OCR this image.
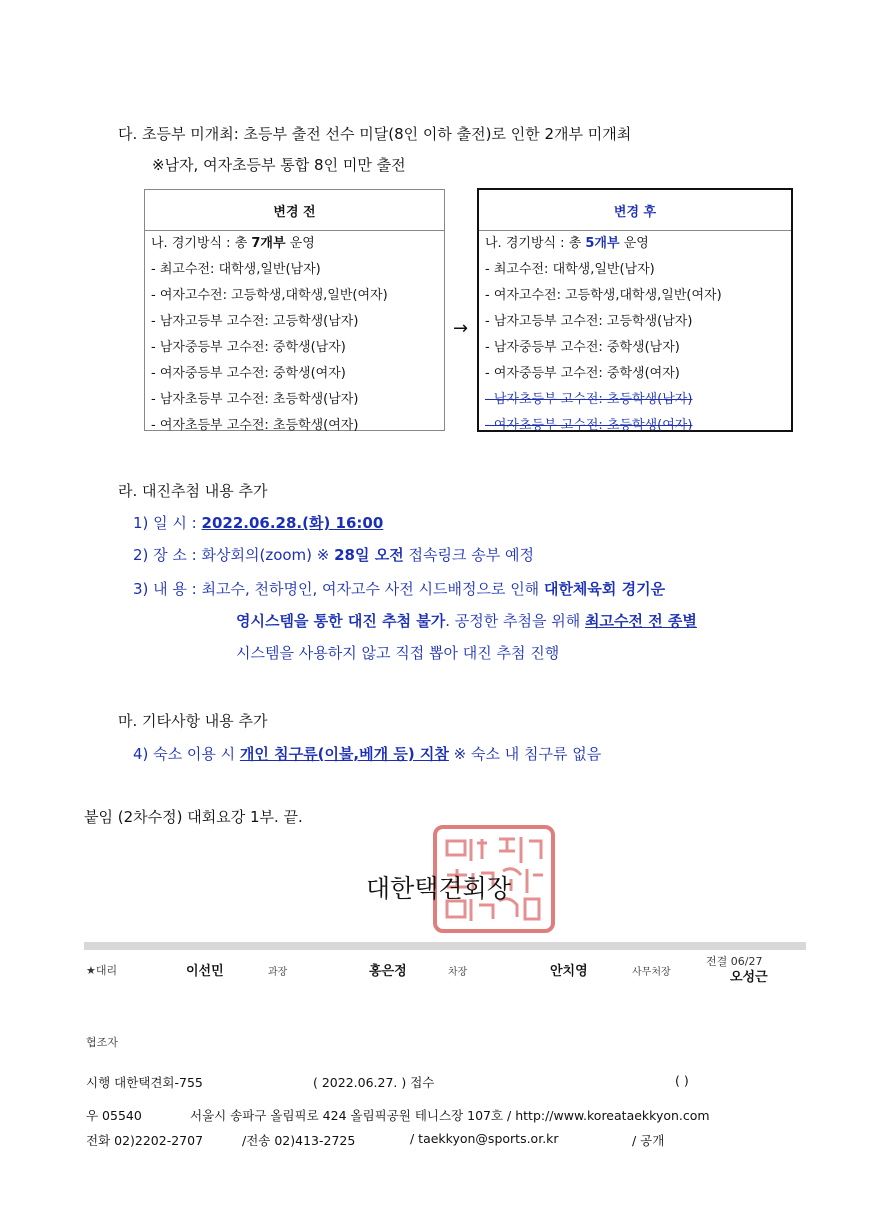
다. 초등부 미개최: 초등부 출전 선수 미달(8인 이하 출전)로 인한 2개부 미개최
※남자, 여자초등부 통합 8인 미만 출전
변경 전
나. 경기방식 : 총 7개부 운영
- 최고수전: 대학생,일반(남자)
- 여자고수전: 고등학생,대학생,일반(여자)
- 남자고등부 고수전: 고등학생(남자)
- 남자중등부 고수전: 중학생(남자)
- 여자중등부 고수전: 중학생(여자)
- 남자초등부 고수전: 초등학생(남자)
- 여자초등부 고수전: 초등학생(여자)
→
변경 후
나. 경기방식 : 총 5개부 운영
- 최고수전: 대학생,일반(남자)
- 여자고수전: 고등학생,대학생,일반(여자)
- 남자고등부 고수전: 고등학생(남자)
- 남자중등부 고수전: 중학생(남자)
- 여자중등부 고수전: 중학생(여자)
- 남자초등부 고수전: 초등학생(남자)
- 여자초등부 고수전: 초등학생(여자)
라. 대진추첨 내용 추가
1) 일 시 : 2022.06.28.(화) 16:00
2) 장 소 : 화상회의(zoom) ※ 28일 오전 접속링크 송부 예정
3) 내 용 : 최고수, 천하명인, 여자고수 사전 시드배정으로 인해 대한체육회 경기운
영시스템을 통한 대진 추첨 불가. 공정한 추첨을 위해 최고수전 전 종별
시스템을 사용하지 않고 직접 뽑아 대진 추첨 진행
마. 기타사항 내용 추가
4) 숙소 이용 시 개인 침구류(이불,베개 등) 지참 ※ 숙소 내 침구류 없음
붙임 (2차수정) 대회요강 1부. 끝.
대한택견회장
★대리	이선민	과장	홍은정	차장	안치영	사무처장
전결 06/27
오성근
협조자
시행 대한택견회-755	( 2022.06.27. ) 접수	( )
우 05540	서울시 송파구 올림픽로 424 올림픽공원 테니스장 107호 / http://www.koreataekkyon.com
전화 02)2202-2707	/전송 02)413-2725	/ taekkyon@sports.or.kr	/ 공개
